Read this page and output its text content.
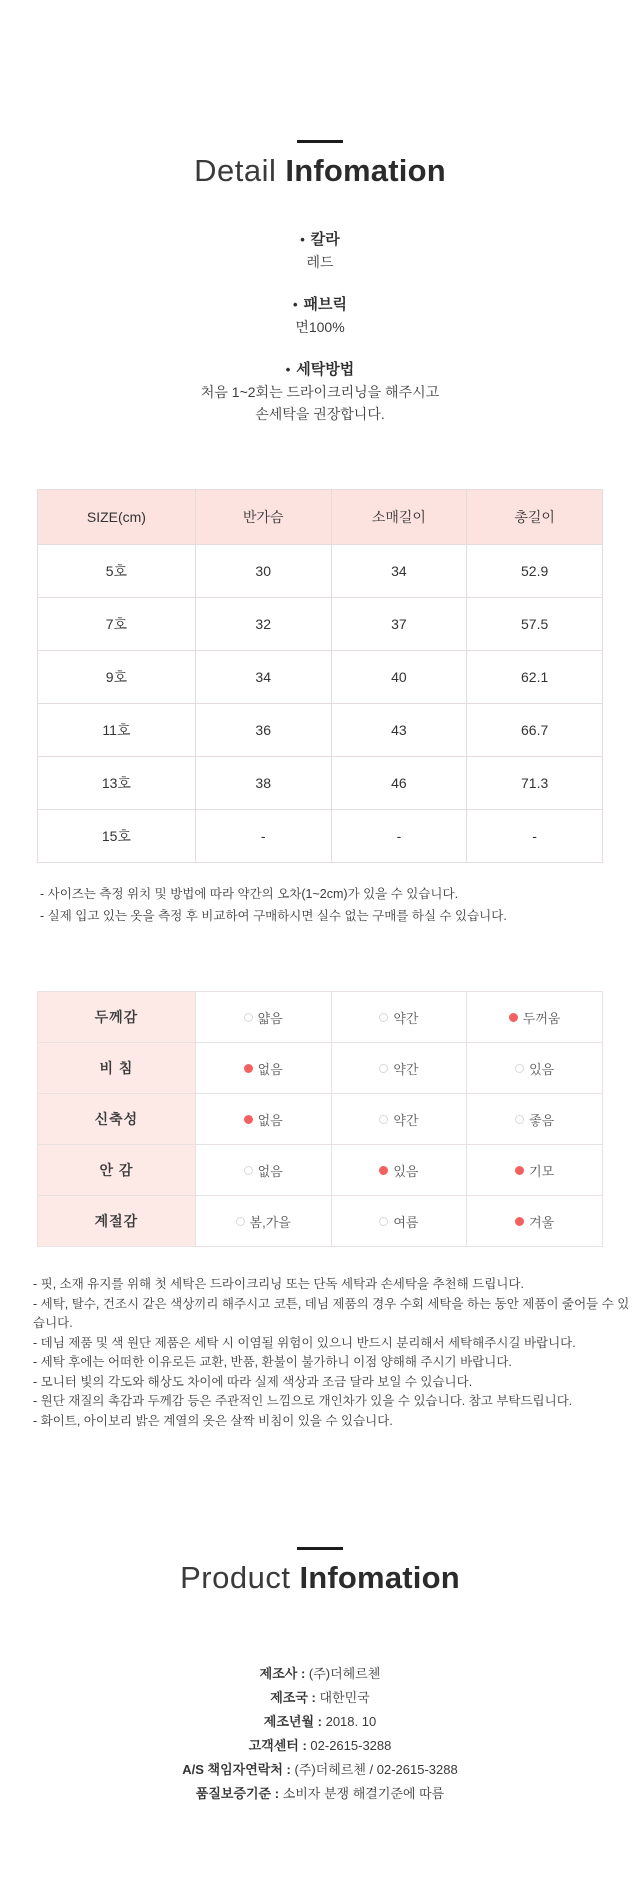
Detail Infomation
• 칼라
레드
• 패브릭
면100%
• 세탁방법
처음 1~2회는 드라이크리닝을 해주시고
손세탁을 권장합니다.
SIZE(cm)	반가슴	소매길이	총길이
5호	30	34	52.9
7호	32	37	57.5
9호	34	40	62.1
11호	36	43	66.7
13호	38	46	71.3
15호	-	-	-
- 사이즈는 측정 위치 및 방법에 따라 약간의 오차(1~2cm)가 있을 수 있습니다.
- 실제 입고 있는 옷을 측정 후 비교하여 구매하시면 실수 없는 구매를 하실 수 있습니다.
두께감	얇음	약간	두꺼움

비 침	없음	약간	있음

신축성	없음	약간	좋음

안 감	없음	있음	기모

계절감	봄,가을	여름	겨울
- 핏, 소재 유지를 위해 첫 세탁은 드라이크리닝 또는 단독 세탁과 손세탁을 추천해 드립니다.
- 세탁, 탈수, 건조시 같은 색상끼리 해주시고 코튼, 데님 제품의 경우 수회 세탁을 하는 동안 제품이 줄어들 수 있습니다.
- 데님 제품 및 색 원단 제품은 세탁 시 이염될 위험이 있으니 반드시 분리해서 세탁해주시길 바랍니다.
- 세탁 후에는 어떠한 이유로든 교환, 반품, 환불이 불가하니 이점 양해해 주시기 바랍니다.
- 모니터 빛의 각도와 해상도 차이에 따라 실제 색상과 조금 달라 보일 수 있습니다.
- 원단 재질의 촉감과 두께감 등은 주관적인 느낌으로 개인차가 있을 수 있습니다. 참고 부탁드립니다.
- 화이트, 아이보리 밝은 계열의 옷은 살짝 비침이 있을 수 있습니다.
Product Infomation
제조사 : (주)더헤르첸
제조국 : 대한민국
제조년월 : 2018. 10
고객센터 : 02-2615-3288
A/S 책임자연락처 : (주)더헤르첸 / 02-2615-3288
품질보증기준 : 소비자 분쟁 해결기준에 따름
